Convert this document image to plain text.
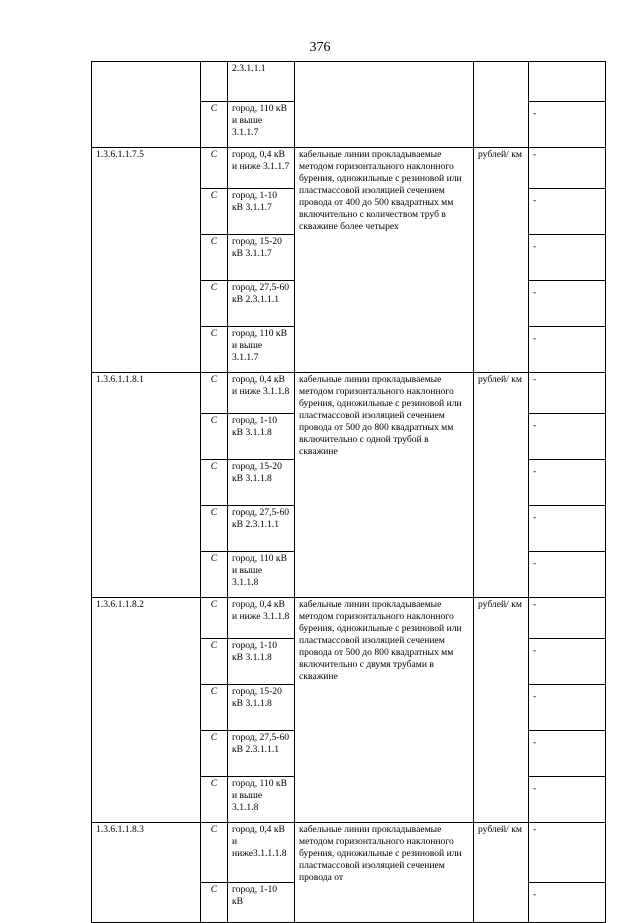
376
		2.3.1.1.1			
	С	город, 110 кВ и выше 3.1.1.7			-
1.3.6.1.1.7.5	С	город, 0,4 кВ и ниже 3.1.1.7	кабельные линии прокладываемые методом горизонтального наклонного бурения, одножильные с резиновой или пластмассовой изоляцией сечением провода от 400 до 500 квадратных мм включительно с количеством труб в скважине более четырех	рублей/ км	-
	С	город, 1-10 кВ 3.1.1.7			-
	С	город, 15-20 кВ 3.1.1.7			-
	С	город, 27,5-60 кВ 2.3.1.1.1			-
	С	город, 110 кВ и выше 3.1.1.7			-
1.3.6.1.1.8.1	С	город, 0,4 кВ и ниже 3.1.1.8	кабельные линии прокладываемые методом горизонтального наклонного бурения, одножильные с резиновой или пластмассовой изоляцией сечением провода от 500 до 800 квадратных мм включительно с одной трубой в скважине	рублей/ км	-
	С	город, 1-10 кВ 3.1.1.8			-
	С	город, 15-20 кВ 3.1.1.8			-
	С	город, 27,5-60 кВ 2.3.1.1.1			-
	С	город, 110 кВ и выше 3.1.1.8			-
1.3.6.1.1.8.2	С	город, 0,4 кВ и ниже 3.1.1.8	кабельные линии прокладываемые методом горизонтального наклонного бурения, одножильные с резиновой или пластмассовой изоляцией сечением провода от 500 до 800 квадратных мм включительно с двумя трубами в скважине	рублей/ км	-
	С	город, 1-10 кВ 3.1.1.8			-
	С	город, 15-20 кВ 3.1.1.8			-
	С	город, 27,5-60 кВ 2.3.1.1.1			-
	С	город, 110 кВ и выше 3.1.1.8			-
1.3.6.1.1.8.3	С	город, 0,4 кВ и ниже3.1.1.1.8	кабельные линии прокладываемые методом горизонтального наклонного бурения, одножильные с резиновой или пластмассовой изоляцией сечением провода от	рублей/ км	-
	С	город, 1-10 кВ			-
